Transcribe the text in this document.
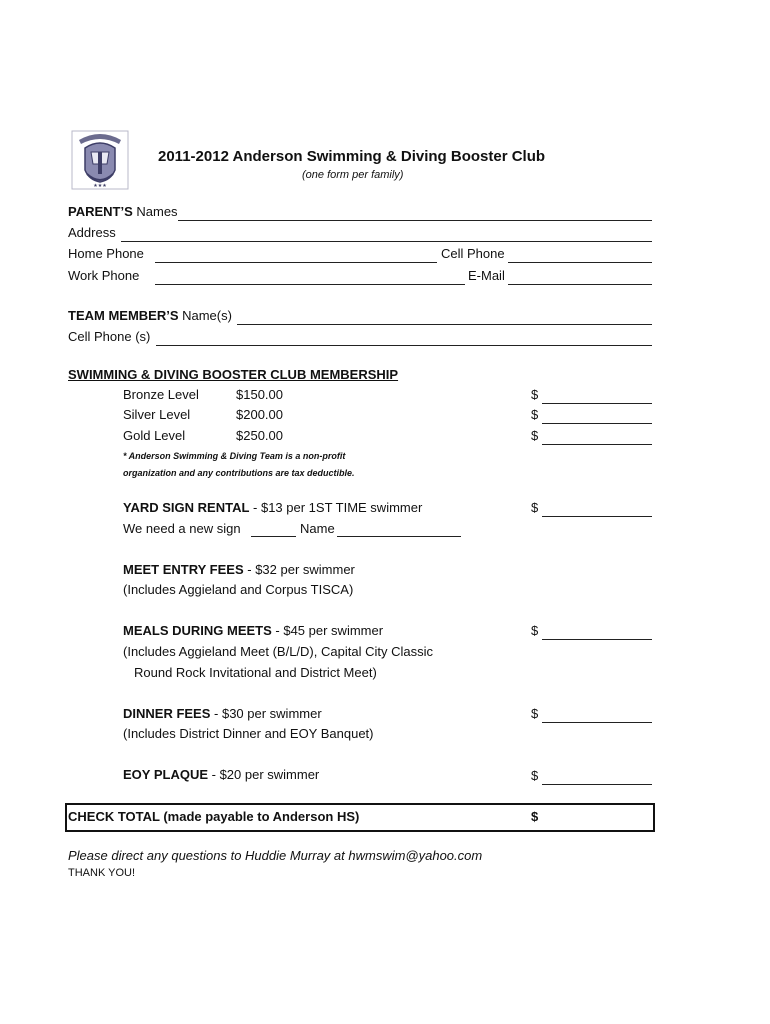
★★★
2011-2012 Anderson Swimming & Diving Booster Club
(one form per family)
PARENT’S Names
Address
Home Phone	Cell Phone
Work Phone	E-Mail
TEAM MEMBER’S Name(s)
Cell Phone (s)
SWIMMING & DIVING BOOSTER CLUB MEMBERSHIP
Bronze Level	$150.00	$
Silver Level	$200.00	$
Gold Level	$250.00	$
* Anderson Swimming & Diving Team is a non-profit
organization and any contributions are tax deductible.
YARD SIGN RENTAL - $13 per 1ST TIME swimmer	$
We need a new sign	Name
MEET ENTRY FEES - $32 per swimmer
(Includes Aggieland and Corpus TISCA)
MEALS DURING MEETS - $45 per swimmer	$
(Includes Aggieland Meet (B/L/D), Capital City Classic
Round Rock Invitational and District Meet)
DINNER FEES - $30 per swimmer	$
(Includes District Dinner and EOY Banquet)
EOY PLAQUE - $20 per swimmer	$
CHECK TOTAL (made payable to Anderson HS)	$
Please direct any questions to Huddie Murray at hwmswim@yahoo.com
THANK YOU!
